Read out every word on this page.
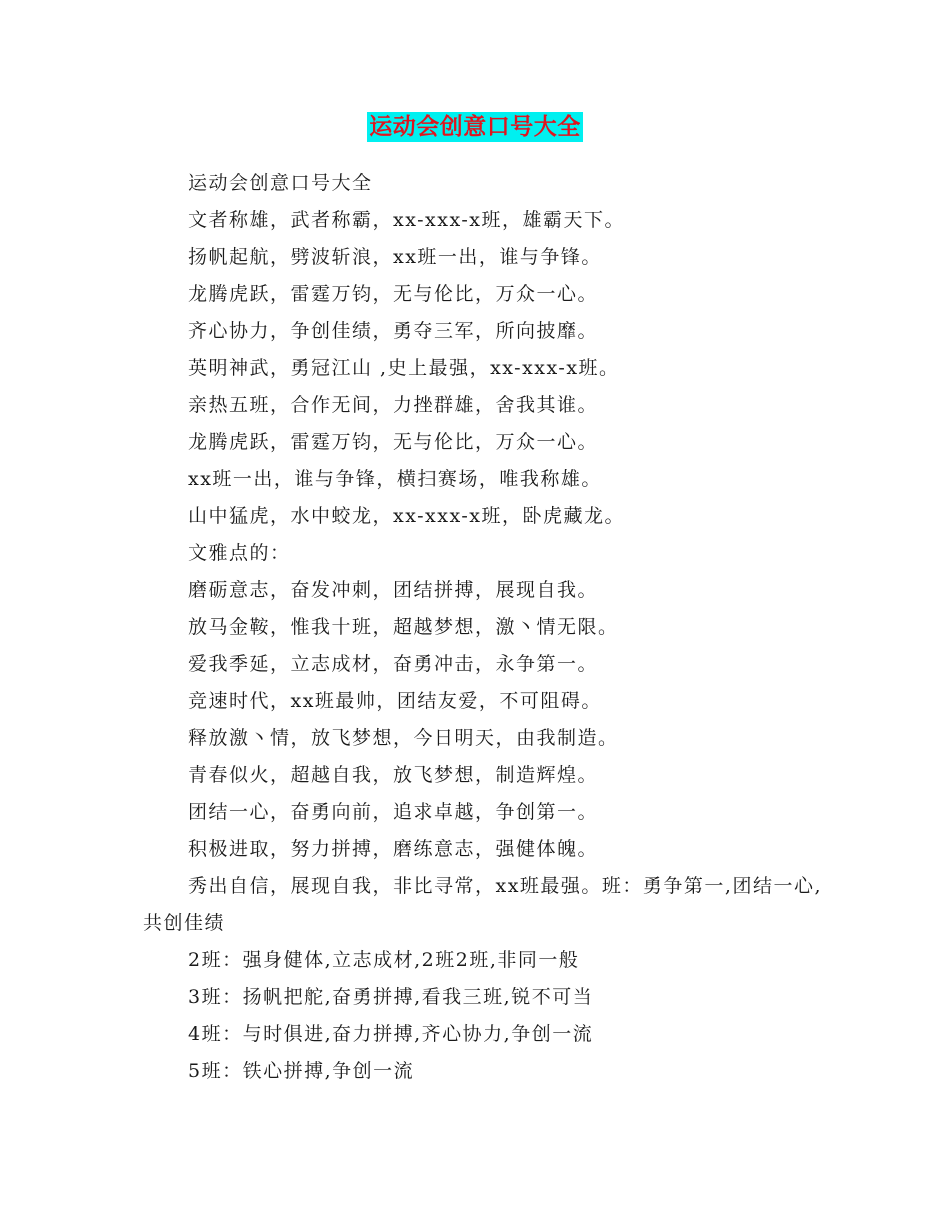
运动会创意口号大全

运动会创意口号大全

文者称雄，武者称霸，xx-xxx-x班，雄霸天下。

扬帆起航，劈波斩浪，xx班一出，谁与争锋。

龙腾虎跃，雷霆万钧，无与伦比，万众一心。

齐心协力，争创佳绩，勇夺三军，所向披靡。

英明神武，勇冠江山 ,史上最强，xx-xxx-x班。

亲热五班，合作无间，力挫群雄，舍我其谁。

龙腾虎跃，雷霆万钧，无与伦比，万众一心。

xx班一出，谁与争锋，横扫赛场，唯我称雄。

山中猛虎，水中蛟龙，xx-xxx-x班，卧虎藏龙。

文雅点的：

磨砺意志，奋发冲刺，团结拼搏，展现自我。

放马金鞍，惟我十班，超越梦想，激丶情无限。

爱我季延，立志成材，奋勇冲击，永争第一。

竞速时代，xx班最帅，团结友爱，不可阻碍。

释放激丶情，放飞梦想，今日明天，由我制造。

青春似火，超越自我，放飞梦想，制造辉煌。

团结一心，奋勇向前，追求卓越，争创第一。

积极进取，努力拼搏，磨练意志，强健体魄。

秀出自信，展现自我，非比寻常，xx班最强。班：勇争第一,团结一心,共创佳绩

2班：强身健体,立志成材,2班2班,非同一般

3班：扬帆把舵,奋勇拼搏,看我三班,锐不可当

4班：与时俱进,奋力拼搏,齐心协力,争创一流

5班：铁心拼搏,争创一流
